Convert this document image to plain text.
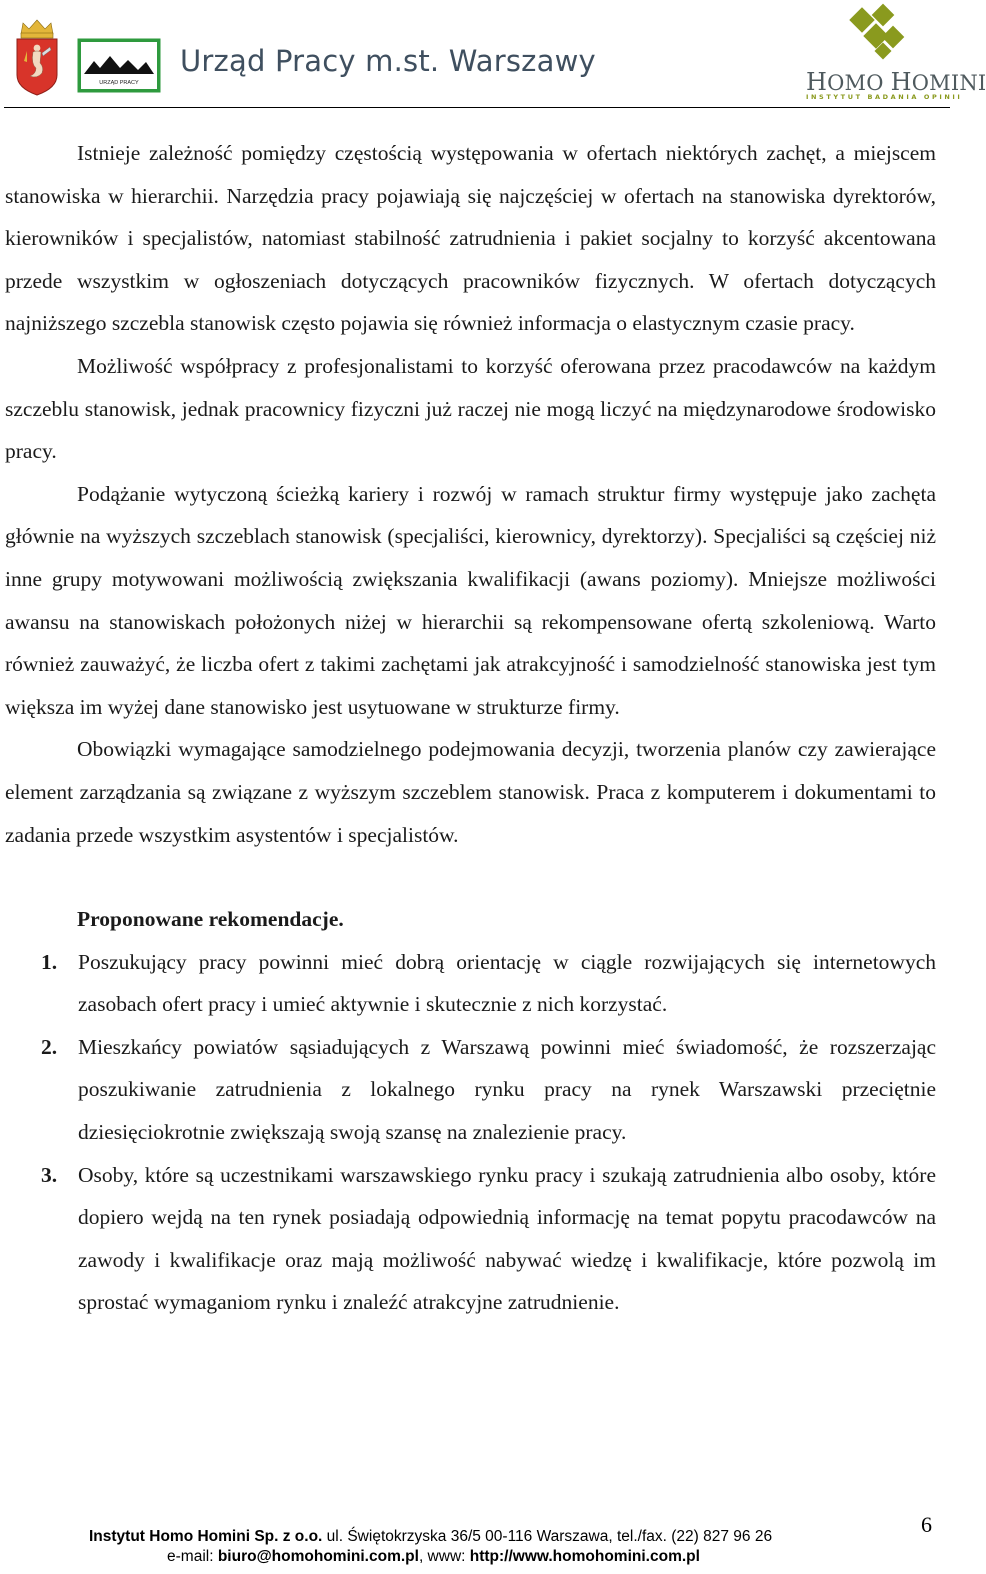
URZĄD PRACY
Urząd Pracy m.st. Warszawy
HOMO HOMINI
INSTYTUT BADANIA OPINII

Istnieje zależność pomiędzy częstością występowania w ofertach niektórych zachęt, a miejscem stanowiska w hierarchii. Narzędzia pracy pojawiają się najczęściej w ofertach na stanowiska dyrektorów, kierowników i specjalistów, natomiast stabilność zatrudnienia i pakiet socjalny to korzyść akcentowana przede wszystkim w ogłoszeniach dotyczących pracowników fizycznych. W ofertach dotyczących najniższego szczebla stanowisk często pojawia się również informacja o elastycznym czasie pracy.

Możliwość współpracy z profesjonalistami to korzyść oferowana przez pracodawców na każdym szczeblu stanowisk, jednak pracownicy fizyczni już raczej nie mogą liczyć na międzynarodowe środowisko pracy.

Podążanie wytyczoną ścieżką kariery i rozwój w ramach struktur firmy występuje jako zachęta głównie na wyższych szczeblach stanowisk (specjaliści, kierownicy, dyrektorzy). Specjaliści są częściej niż inne grupy motywowani możliwością zwiększania kwalifikacji (awans poziomy). Mniejsze możliwości awansu na stanowiskach położonych niżej w hierarchii są rekompensowane ofertą szkoleniową. Warto również zauważyć, że liczba ofert z takimi zachętami jak atrakcyjność i samodzielność stanowiska jest tym większa im wyżej dane stanowisko jest usytuowane w strukturze firmy.

Obowiązki wymagające samodzielnego podejmowania decyzji, tworzenia planów czy zawierające element zarządzania są związane z wyższym szczeblem stanowisk. Praca z komputerem i dokumentami to zadania przede wszystkim asystentów i specjalistów.

Proponowane rekomendacje.
1. Poszukujący pracy powinni mieć dobrą orientację w ciągle rozwijających się internetowych zasobach ofert pracy i umieć aktywnie i skutecznie z nich korzystać.
2. Mieszkańcy powiatów sąsiadujących z Warszawą powinni mieć świadomość, że rozszerzając poszukiwanie zatrudnienia z lokalnego rynku pracy na rynek Warszawski przeciętnie dziesięciokrotnie zwiększają swoją szansę na znalezienie pracy.
3. Osoby, które są uczestnikami warszawskiego rynku pracy i szukają zatrudnienia albo osoby, które dopiero wejdą na ten rynek posiadają odpowiednią informację na temat popytu pracodawców na zawody i kwalifikacje oraz mają możliwość nabywać wiedzę i kwalifikacje, które pozwolą im sprostać wymaganiom rynku i znaleźć atrakcyjne zatrudnienie.
Instytut Homo Homini Sp. z o.o. ul. Świętokrzyska 36/5 00-116 Warszawa, tel./fax. (22) 827 96 26
e-mail: biuro@homohomini.com.pl, www: http://www.homohomini.com.pl
6
